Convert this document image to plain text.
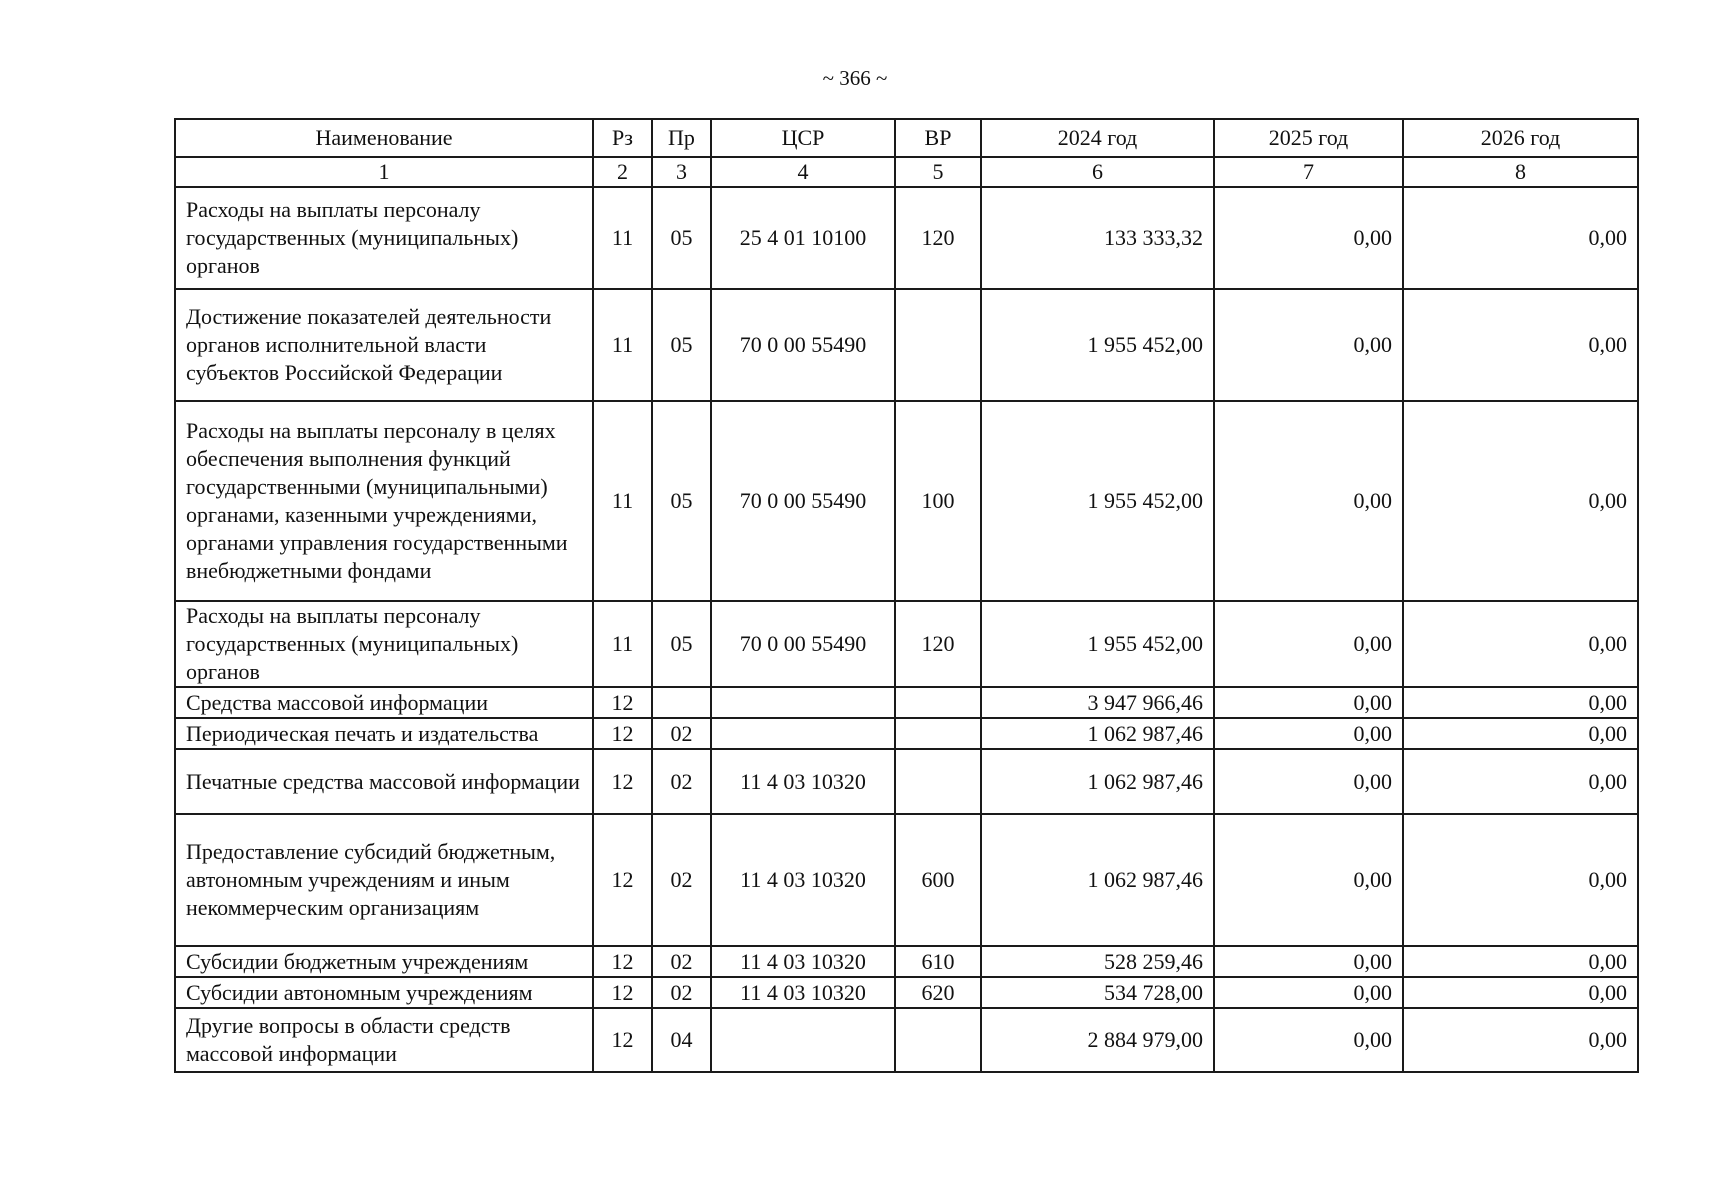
~ 366 ~
Наименование	Рз	Пр	ЦСР	ВР	2024 год	2025 год	2026 год
1	2	3	4	5	6	7	8
Расходы на выплаты персоналу государственных (муниципальных) органов	11	05	25 4 01 10100	120	133 333,32	0,00	0,00
Достижение показателей деятельности органов исполнительной власти субъектов Российской Федерации	11	05	70 0 00 55490		1 955 452,00	0,00	0,00
Расходы на выплаты персоналу в целях обеспечения выполнения функций государственными (муниципальными) органами, казенными учреждениями, органами управления государственными внебюджетными фондами	11	05	70 0 00 55490	100	1 955 452,00	0,00	0,00
Расходы на выплаты персоналу государственных (муниципальных) органов	11	05	70 0 00 55490	120	1 955 452,00	0,00	0,00
Средства массовой информации	12				3 947 966,46	0,00	0,00
Периодическая печать и издательства	12	02			1 062 987,46	0,00	0,00
Печатные средства массовой информации	12	02	11 4 03 10320		1 062 987,46	0,00	0,00
Предоставление субсидий бюджетным, автономным учреждениям и иным некоммерческим организациям	12	02	11 4 03 10320	600	1 062 987,46	0,00	0,00
Субсидии бюджетным учреждениям	12	02	11 4 03 10320	610	528 259,46	0,00	0,00
Субсидии автономным учреждениям	12	02	11 4 03 10320	620	534 728,00	0,00	0,00
Другие вопросы в области средств массовой информации	12	04			2 884 979,00	0,00	0,00
